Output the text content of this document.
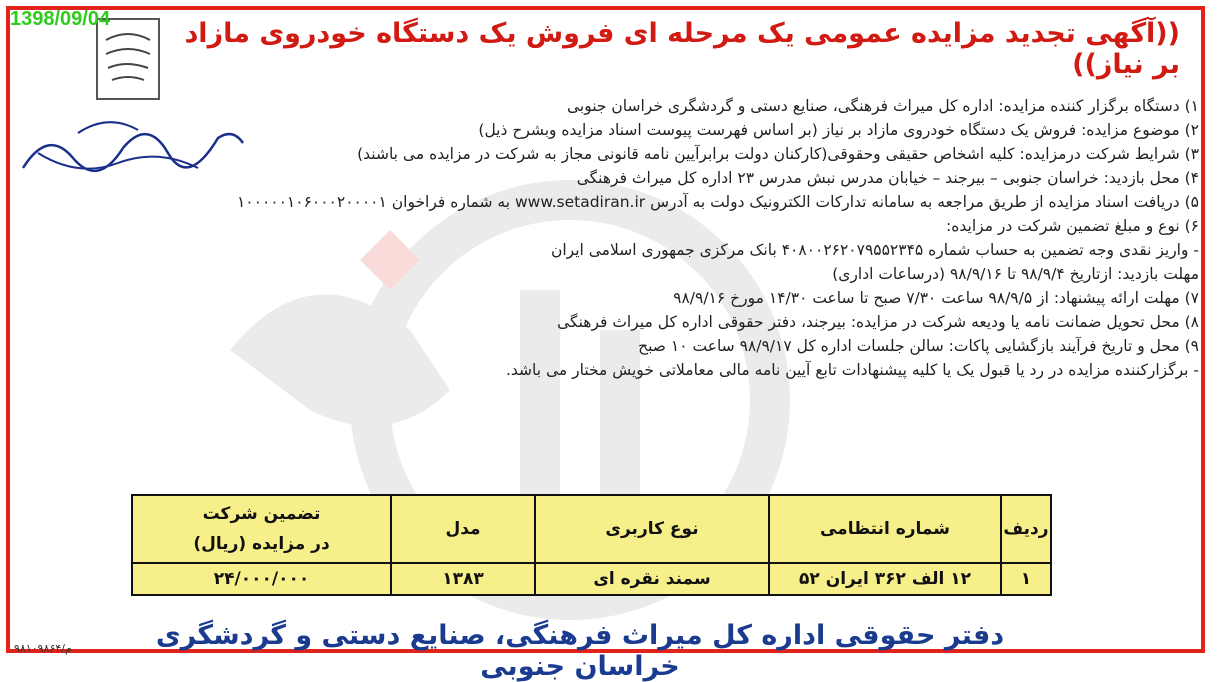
1398/09/04	((آگهی تجدید مزایده عمومی یک مرحله ای فروش یک دستگاه خودروی مازاد بر نیاز))
۱) دستگاه برگزار کننده مزایده: اداره کل میراث فرهنگی، صنایع دستی و گردشگری خراسان جنوبی
۲) موضوع مزایده: فروش یک دستگاه خودروی مازاد بر نیاز (بر اساس فهرست پیوست اسناد مزایده وبشرح ذیل)
۳) شرایط شرکت درمزایده: کلیه اشخاص حقیقی وحقوقی(کارکنان دولت برابرآیین نامه قانونی مجاز به شرکت در مزایده می باشند)
۴) محل بازدید: خراسان جنوبی – بیرجند – خیابان مدرس نبش مدرس ۲۳ اداره کل میراث فرهنگی
۵) دریافت اسناد مزایده از طریق مراجعه به سامانه تدارکات الکترونیک دولت به آدرس www.setadiran.ir به شماره فراخوان ۱۰۰۰۰۰۱۰۶۰۰۰۲۰۰۰۰۱
۶) نوع و مبلغ تضمین شرکت در مزایده:
- واریز نقدی وجه تضمین به حساب شماره ۴۰۸۰۰۲۶۲۰۷۹۵۵۲۳۴۵ بانک مرکزی جمهوری اسلامی ایران
مهلت بازدید: ازتاریخ ۹۸/۹/۴ تا ۹۸/۹/۱۶ (درساعات اداری)
۷) مهلت ارائه پیشنهاد: از ۹۸/۹/۵ ساعت ۷/۳۰ صبح تا ساعت ۱۴/۳۰ مورخ ۹۸/۹/۱۶
۸) محل تحویل ضمانت نامه یا ودیعه شرکت در مزایده: بیرجند، دفتر حقوقی اداره کل میراث فرهنگی
۹) محل و تاریخ فرآیند بازگشایی پاکات: سالن جلسات اداره کل ۹۸/۹/۱۷ ساعت ۱۰ صبح
- برگزارکننده مزایده در رد یا قبول یک یا کلیه پیشنهادات تابع آیین نامه مالی معاملاتی خویش مختار می باشد.
ردیف	شماره انتظامی	نوع کاربری	مدل	تضمین شرکت در مزایده (ریال)
۱	۱۲ الف ۳۶۲ ایران ۵۲	سمند نقره ای	۱۳۸۳	۲۴/۰۰۰/۰۰۰
دفتر حقوقی اداره کل میراث فرهنگی، صنایع دستی و گردشگری خراسان جنوبی
م/۹۸۱۰۹۸۶۴
